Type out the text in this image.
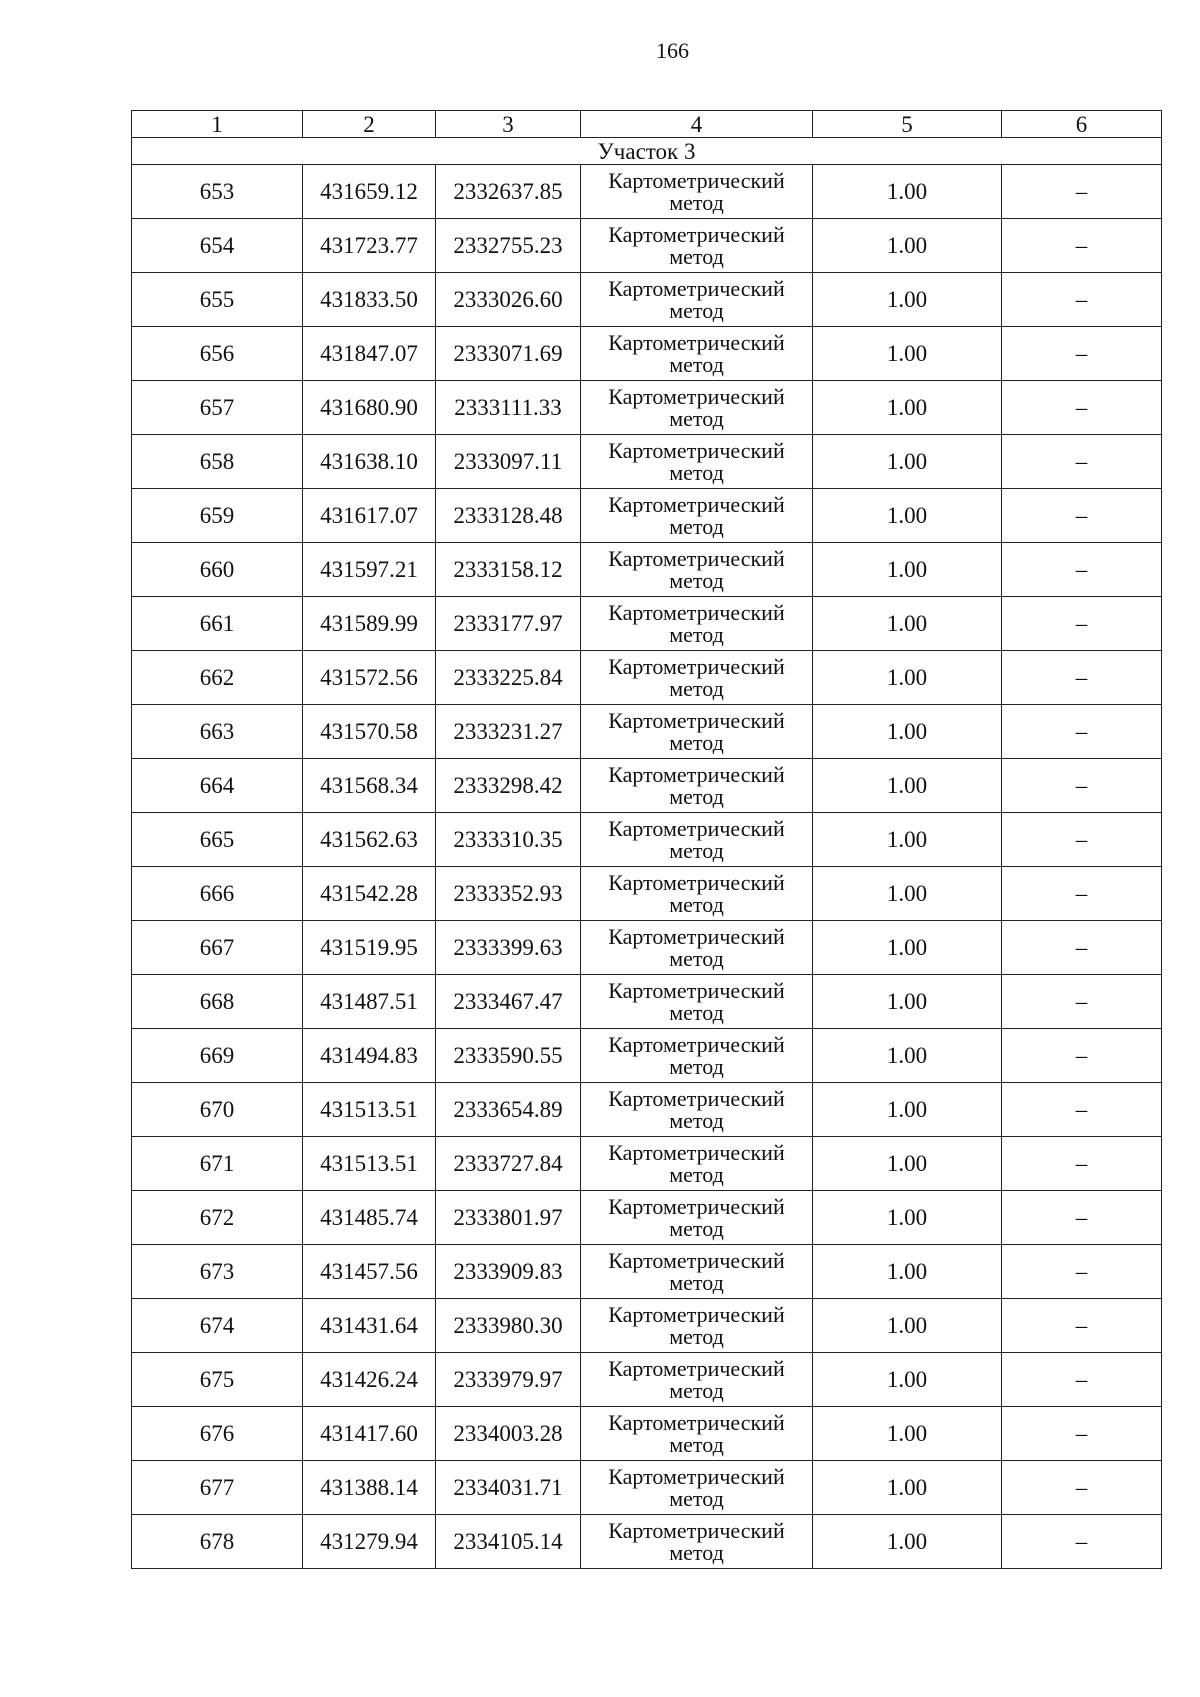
166
1	2	3	4	5	6
Участок 3					
653	431659.12	2332637.85	Картометрический метод	1.00	–
654	431723.77	2332755.23	Картометрический метод	1.00	–
655	431833.50	2333026.60	Картометрический метод	1.00	–
656	431847.07	2333071.69	Картометрический метод	1.00	–
657	431680.90	2333111.33	Картометрический метод	1.00	–
658	431638.10	2333097.11	Картометрический метод	1.00	–
659	431617.07	2333128.48	Картометрический метод	1.00	–
660	431597.21	2333158.12	Картометрический метод	1.00	–
661	431589.99	2333177.97	Картометрический метод	1.00	–
662	431572.56	2333225.84	Картометрический метод	1.00	–
663	431570.58	2333231.27	Картометрический метод	1.00	–
664	431568.34	2333298.42	Картометрический метод	1.00	–
665	431562.63	2333310.35	Картометрический метод	1.00	–
666	431542.28	2333352.93	Картометрический метод	1.00	–
667	431519.95	2333399.63	Картометрический метод	1.00	–
668	431487.51	2333467.47	Картометрический метод	1.00	–
669	431494.83	2333590.55	Картометрический метод	1.00	–
670	431513.51	2333654.89	Картометрический метод	1.00	–
671	431513.51	2333727.84	Картометрический метод	1.00	–
672	431485.74	2333801.97	Картометрический метод	1.00	–
673	431457.56	2333909.83	Картометрический метод	1.00	–
674	431431.64	2333980.30	Картометрический метод	1.00	–
675	431426.24	2333979.97	Картометрический метод	1.00	–
676	431417.60	2334003.28	Картометрический метод	1.00	–
677	431388.14	2334031.71	Картометрический метод	1.00	–
678	431279.94	2334105.14	Картометрический метод	1.00	–
